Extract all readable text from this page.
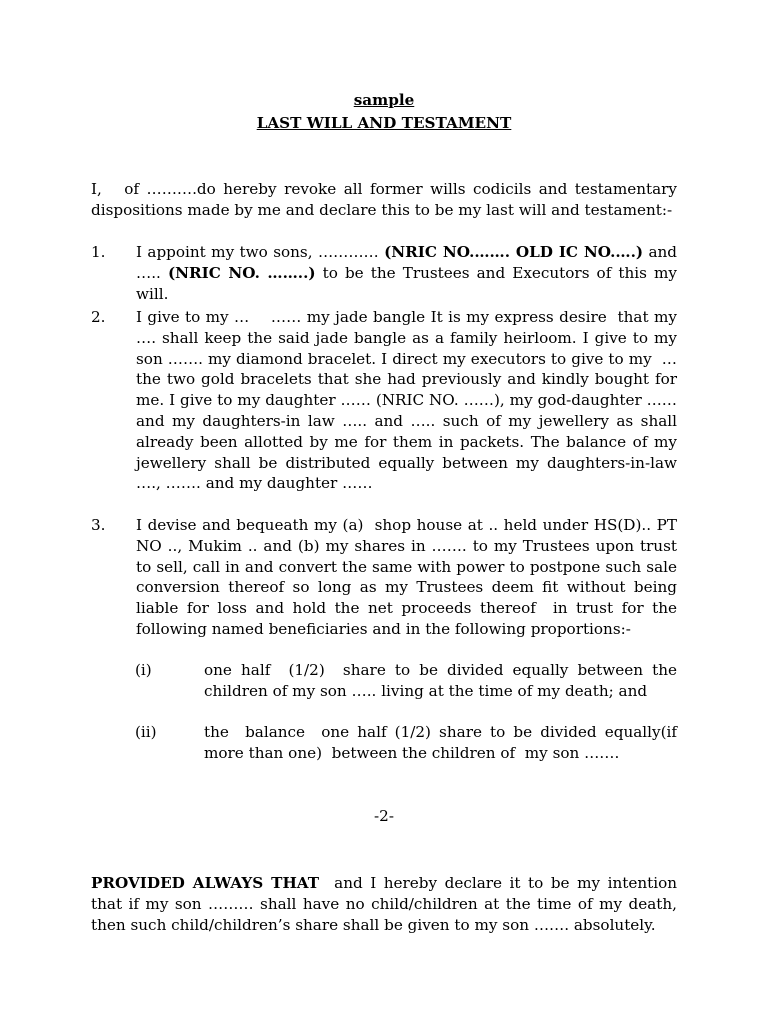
sample
LAST WILL AND TESTAMENT
I,   of ……….do hereby revoke all former wills codicils and testamentary dispositions made by me and declare this to be my last will and testament:-
1. I appoint my two sons, ………… (NRIC NO.……. OLD IC NO.….) and ….. (NRIC NO. ……..) to be the Trustees and Executors of this my will.
2. I give to my …    …… my jade bangle It is my express desire  that my …. shall keep the said jade bangle as a family heirloom. I give to my son ……. my diamond bracelet. I direct my executors to give to my  … the two gold bracelets that she had previously and kindly bought for me. I give to my daughter …… (NRIC NO. ……), my god-daughter …… and my daughters-in law ….. and ….. such of my jewellery as shall already been allotted by me for them in packets. The balance of my jewellery shall be distributed equally between my daughters-in-law …., ……. and my daughter ……
3. I devise and bequeath my (a)  shop house at .. held under HS(D).. PT NO .., Mukim .. and (b) my shares in ……. to my Trustees upon trust to sell, call in and convert the same with power to postpone such sale conversion thereof so long as my Trustees deem fit without being liable for loss and hold the net proceeds thereof  in trust for the following named beneficiaries and in the following proportions:-
(i)	one half  (1/2)  share to be divided equally between the children of my son ….. living at the time of my death; and
(ii)	the  balance  one half (1/2) share to be divided equally(if more than one)  between the children of  my son …….
-2-
PROVIDED ALWAYS THAT  and I hereby declare it to be my intention that if my son ……… shall have no child/children at the time of my death, then such child/children’s share shall be given to my son ……. absolutely.
